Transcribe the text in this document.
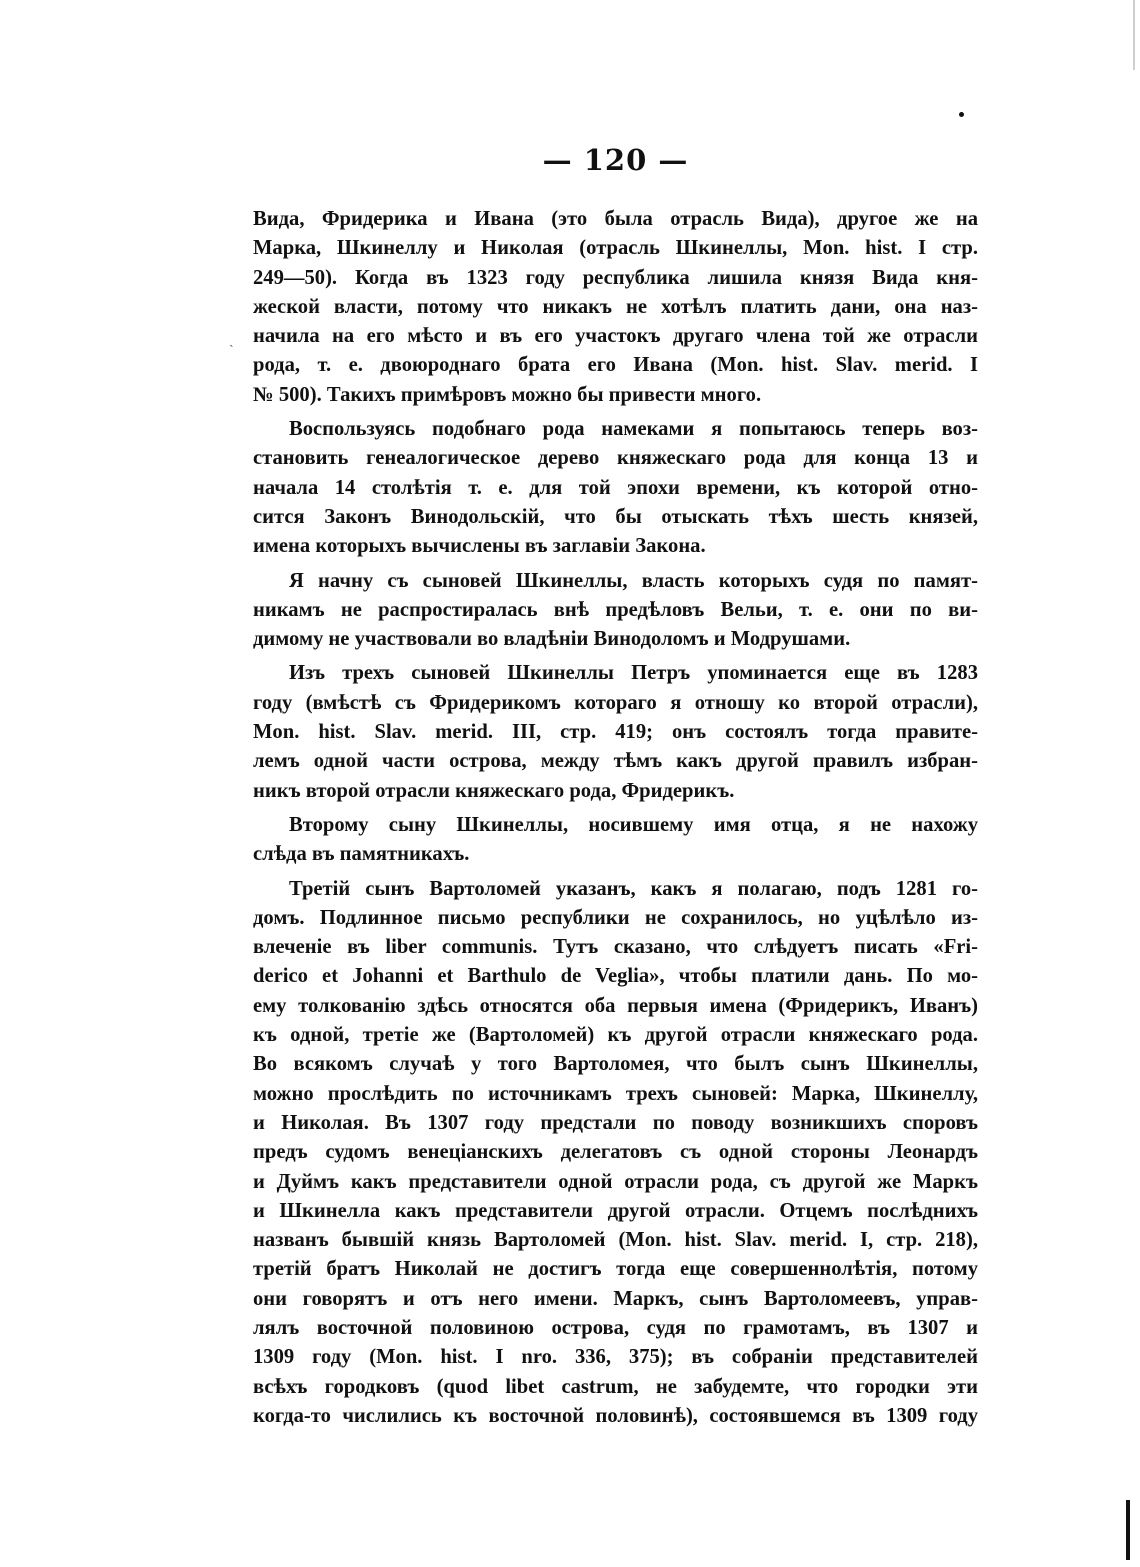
ˏ
— 120 —
Вида, Фридерика и Ивана (это была отрасль Вида), другое же на
Марка, Шкинеллу и Николая (отрасль Шкинеллы, Mon. hist. I стр.
249—50). Когда въ 1323 году республика лишила князя Вида кня-
жеской власти, потому что никакъ не хотѣлъ платить дани, она наз-
начила на его мѣсто и въ его участокъ другаго члена той же отрасли
рода, т. е. двоюроднаго брата его Ивана (Mon. hist. Slav. merid. I
№ 500). Такихъ примѣровъ можно бы привести много.
Воспользуясь подобнаго рода намеками я попытаюсь теперь воз-
становить генеалогическое дерево княжескаго рода для конца 13 и
начала 14 столѣтія т. е. для той эпохи времени, къ которой отно-
сится Законъ Винодольскій, что бы отыскать тѣхъ шесть князей,
имена которыхъ вычислены въ заглавіи Закона.
Я начну съ сыновей Шкинеллы, власть которыхъ судя по памят-
никамъ не распростиралась внѣ предѣловъ Вельи, т. е. они по ви-
димому не участвовали во владѣніи Винодоломъ и Модрушами.
Изъ трехъ сыновей Шкинеллы Петръ упоминается еще въ 1283
году (вмѣстѣ съ Фридерикомъ котораго я отношу ко второй отрасли),
Mon. hist. Slav. merid. III, стр. 419; онъ состоялъ тогда правите-
лемъ одной части острова, между тѣмъ какъ другой правилъ избран-
никъ второй отрасли княжескаго рода, Фридерикъ.
Второму сыну Шкинеллы, носившему имя отца, я не нахожу
слѣда въ памятникахъ.
Третій сынъ Вартоломей указанъ, какъ я полагаю, подъ 1281 го-
домъ. Подлинное письмо республики не сохранилось, но уцѣлѣло из-
влеченіе въ liber communis. Тутъ сказано, что слѣдуетъ писать «Fri-
derico et Johanni et Barthulo de Veglia», чтобы платили дань. По мо-
ему толкованію здѣсь относятся оба первыя имена (Фридерикъ, Иванъ)
къ одной, третіе же (Вартоломей) къ другой отрасли княжескаго рода.
Во всякомъ случаѣ у того Вартоломея, что былъ сынъ Шкинеллы,
можно прослѣдить по источникамъ трехъ сыновей: Марка, Шкинеллу,
и Николая. Въ 1307 году предстали по поводу возникшихъ споровъ
предъ судомъ венеціанскихъ делегатовъ съ одной стороны Леонардъ
и Дуймъ какъ представители одной отрасли рода, съ другой же Маркъ
и Шкинелла какъ представители другой отрасли. Отцемъ послѣднихъ
названъ бывшій князь Вартоломей (Mon. hist. Slav. merid. I, стр. 218),
третій братъ Николай не достигъ тогда еще совершеннолѣтія, потому
они говорятъ и отъ него имени. Маркъ, сынъ Вартоломеевъ, управ-
лялъ восточной половиною острова, судя по грамотамъ, въ 1307 и
1309 году (Mon. hist. I nro. 336, 375); въ собраніи представителей
всѣхъ городковъ (quod libet castrum, не забудемте, что городки эти
когда-то числились къ восточной половинѣ), состоявшемся въ 1309 году
